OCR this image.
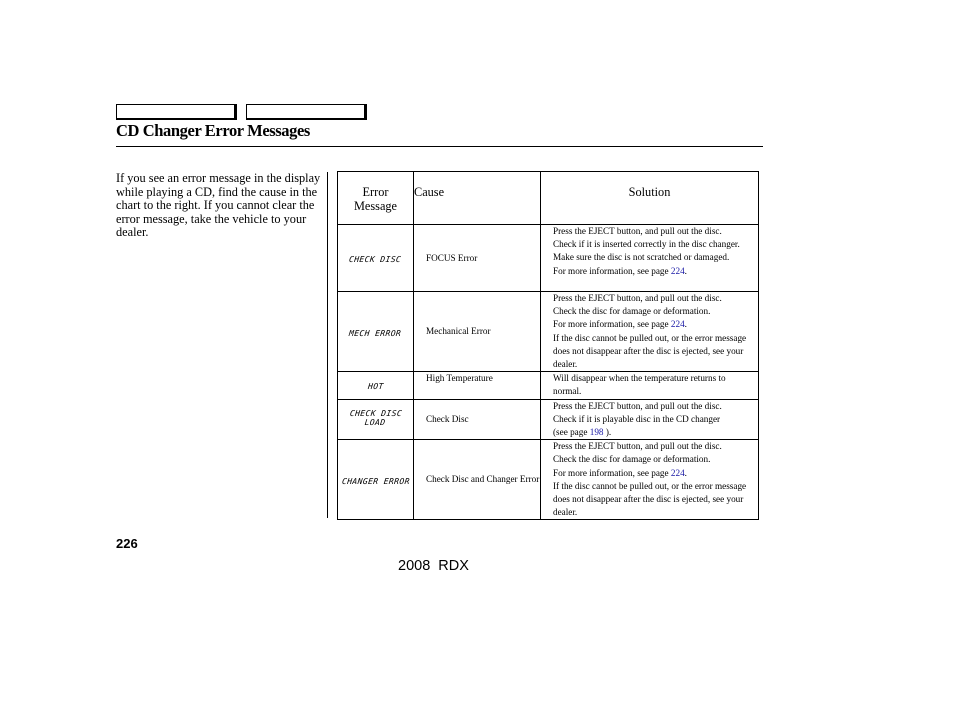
CD Changer Error Messages
If you see an error message in the display while playing a CD, find the cause in the chart to the right. If you cannot clear the error message, take the vehicle to your dealer.
Error
Message	Cause	Solution
CHECK DISC	FOCUS Error	Press the EJECT button, and pull out the disc.
Check if it is inserted correctly in the disc changer.
Make sure the disc is not scratched or damaged.
For more information, see page 224.

MECH ERROR	Mechanical Error	Press the EJECT button, and pull out the disc.
Check the disc for damage or deformation.
For more information, see page 224.
If the disc cannot be pulled out, or the error message does not disappear after the disc is ejected, see your dealer.

HOT	High Temperature	Will disappear when the temperature returns to normal.

CHECK DISC LOAD	Check Disc	Press the EJECT button, and pull out the disc.
Check if it is playable disc in the CD changer
(see page 198 ).

CHANGER ERROR	Check Disc and Changer Error	Press the EJECT button, and pull out the disc.
Check the disc for damage or deformation.
For more information, see page 224.
If the disc cannot be pulled out, or the error message does not disappear after the disc is ejected, see your dealer.
226
2008 RDX
